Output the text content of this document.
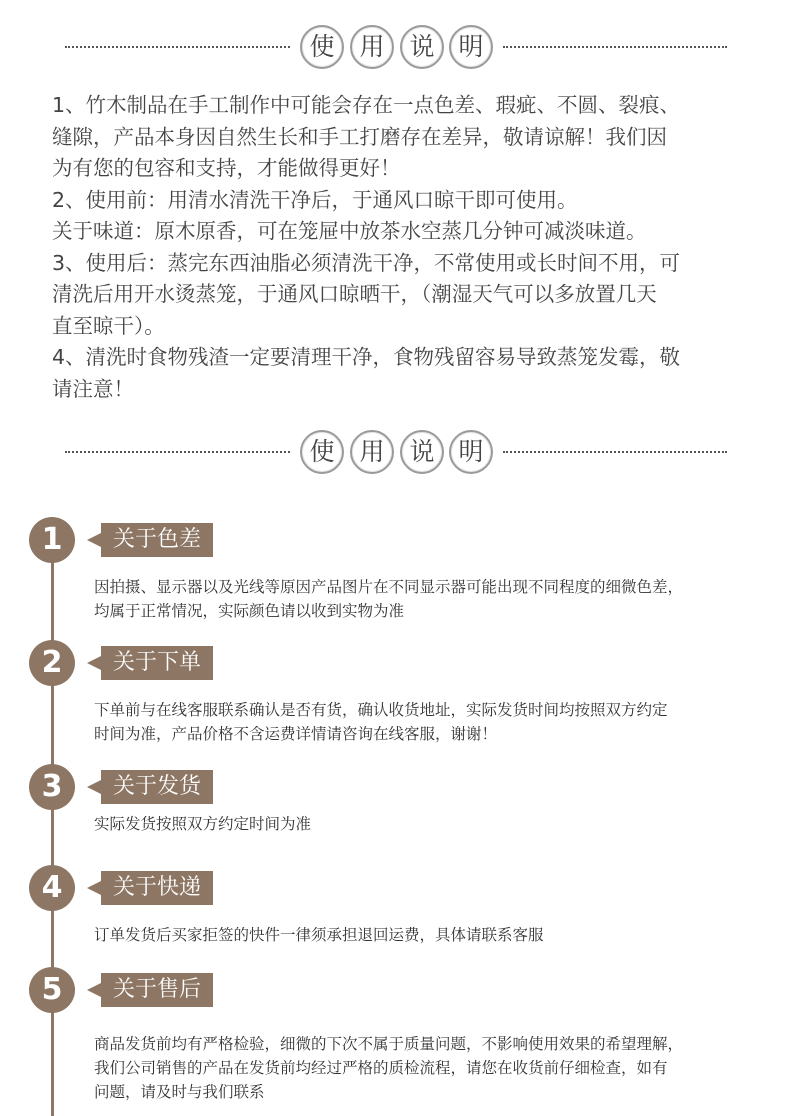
使 用 说 明
1、竹木制品在手工制作中可能会存在一点色差、瑕疵、不圆、裂痕、
缝隙，产品本身因自然生长和手工打磨存在差异，敬请谅解！我们因
为有您的包容和支持，才能做得更好！
2、使用前：用清水清洗干净后，于通风口晾干即可使用。
关于味道：原木原香，可在笼屉中放茶水空蒸几分钟可减淡味道。
3、使用后：蒸完东西油脂必须清洗干净，不常使用或长时间不用，可
清洗后用开水烫蒸笼，于通风口晾晒干，（潮湿天气可以多放置几天
直至晾干）。
4、清洗时食物残渣一定要清理干净，食物残留容易导致蒸笼发霉，敬
请注意！
使 用 说 明
1	关于色差
因拍摄、显示器以及光线等原因产品图片在不同显示器可能出现不同程度的细微色差，
均属于正常情况，实际颜色请以收到实物为准
2	关于下单
下单前与在线客服联系确认是否有货，确认收货地址，实际发货时间均按照双方约定
时间为准，产品价格不含运费详情请咨询在线客服，谢谢！
3	关于发货
实际发货按照双方约定时间为准
4	关于快递
订单发货后买家拒签的快件一律须承担退回运费，具体请联系客服
5	关于售后
商品发货前均有严格检验，细微的下次不属于质量问题，不影响使用效果的希望理解，
我们公司销售的产品在发货前均经过严格的质检流程，请您在收货前仔细检查，如有
问题，请及时与我们联系
